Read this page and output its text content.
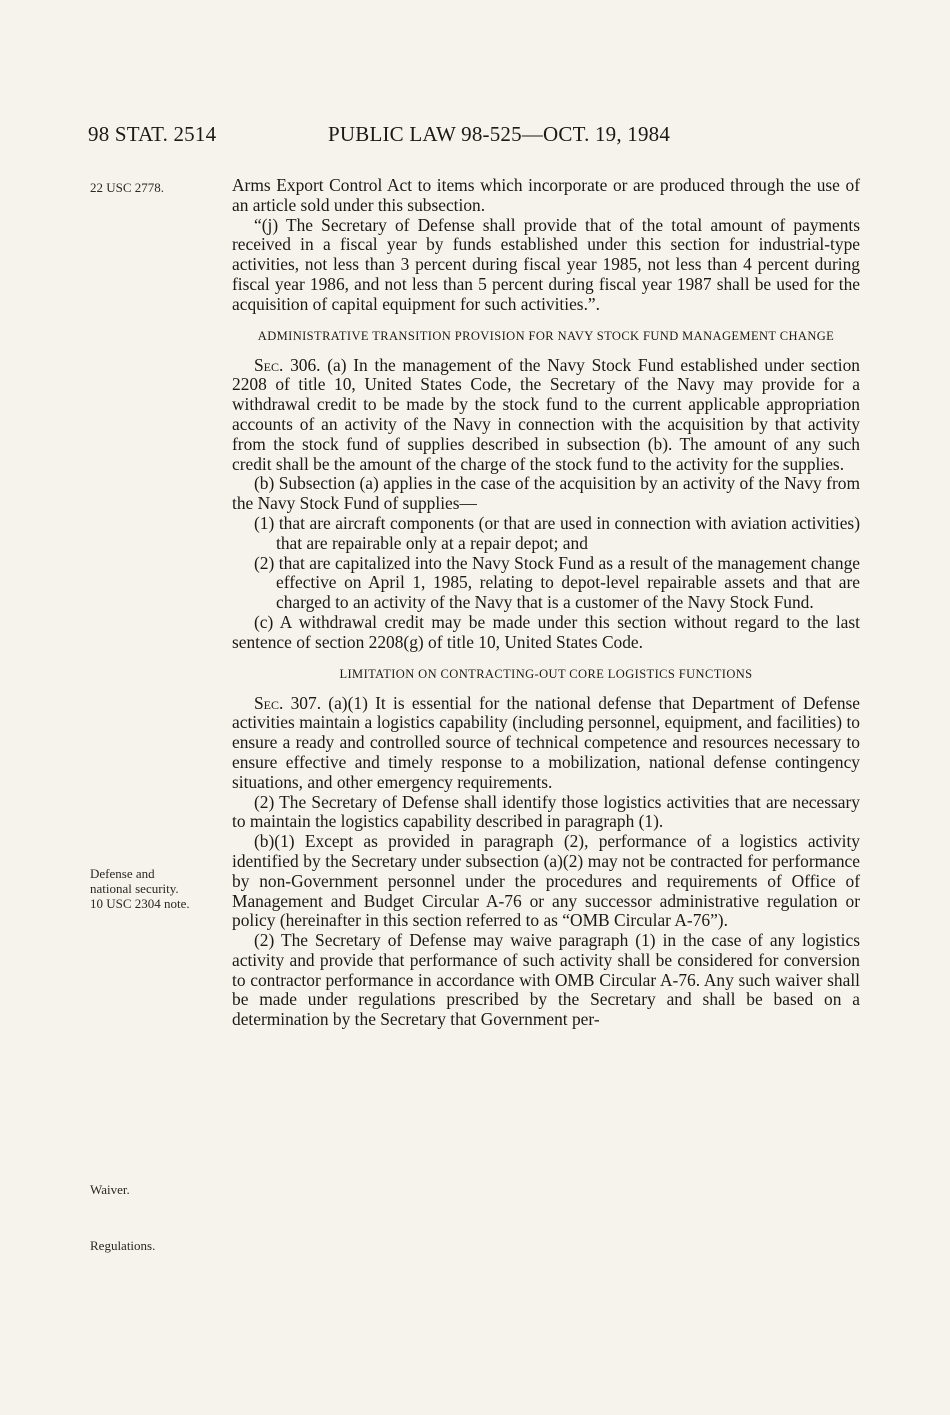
98 STAT. 2514	PUBLIC LAW 98-525—OCT. 19, 1984
22 USC 2778.
Defense and national security.
10 USC 2304 note.
Waiver.
Regulations.

Arms Export Control Act to items which incorporate or are produced through the use of an article sold under this subsection.

“(j) The Secretary of Defense shall provide that of the total amount of payments received in a fiscal year by funds established under this section for industrial-type activities, not less than 3 percent during fiscal year 1985, not less than 4 percent during fiscal year 1986, and not less than 5 percent during fiscal year 1987 shall be used for the acquisition of capital equipment for such activities.”.

ADMINISTRATIVE TRANSITION PROVISION FOR NAVY STOCK FUND MANAGEMENT CHANGE

Sec. 306. (a) In the management of the Navy Stock Fund established under section 2208 of title 10, United States Code, the Secretary of the Navy may provide for a withdrawal credit to be made by the stock fund to the current applicable appropriation accounts of an activity of the Navy in connection with the acquisition by that activity from the stock fund of supplies described in subsection (b). The amount of any such credit shall be the amount of the charge of the stock fund to the activity for the supplies.

(b) Subsection (a) applies in the case of the acquisition by an activity of the Navy from the Navy Stock Fund of supplies—

(1) that are aircraft components (or that are used in connection with aviation activities) that are repairable only at a repair depot; and

(2) that are capitalized into the Navy Stock Fund as a result of the management change effective on April 1, 1985, relating to depot-level repairable assets and that are charged to an activity of the Navy that is a customer of the Navy Stock Fund.

(c) A withdrawal credit may be made under this section without regard to the last sentence of section 2208(g) of title 10, United States Code.

LIMITATION ON CONTRACTING-OUT CORE LOGISTICS FUNCTIONS

Sec. 307. (a)(1) It is essential for the national defense that Department of Defense activities maintain a logistics capability (including personnel, equipment, and facilities) to ensure a ready and controlled source of technical competence and resources necessary to ensure effective and timely response to a mobilization, national defense contingency situations, and other emergency requirements.

(2) The Secretary of Defense shall identify those logistics activities that are necessary to maintain the logistics capability described in paragraph (1).

(b)(1) Except as provided in paragraph (2), performance of a logistics activity identified by the Secretary under subsection (a)(2) may not be contracted for performance by non-Government personnel under the procedures and requirements of Office of Management and Budget Circular A-76 or any successor administrative regulation or policy (hereinafter in this section referred to as “OMB Circular A-76”).

(2) The Secretary of Defense may waive paragraph (1) in the case of any logistics activity and provide that performance of such activity shall be considered for conversion to contractor performance in accordance with OMB Circular A-76. Any such waiver shall be made under regulations prescribed by the Secretary and shall be based on a determination by the Secretary that Government per-
